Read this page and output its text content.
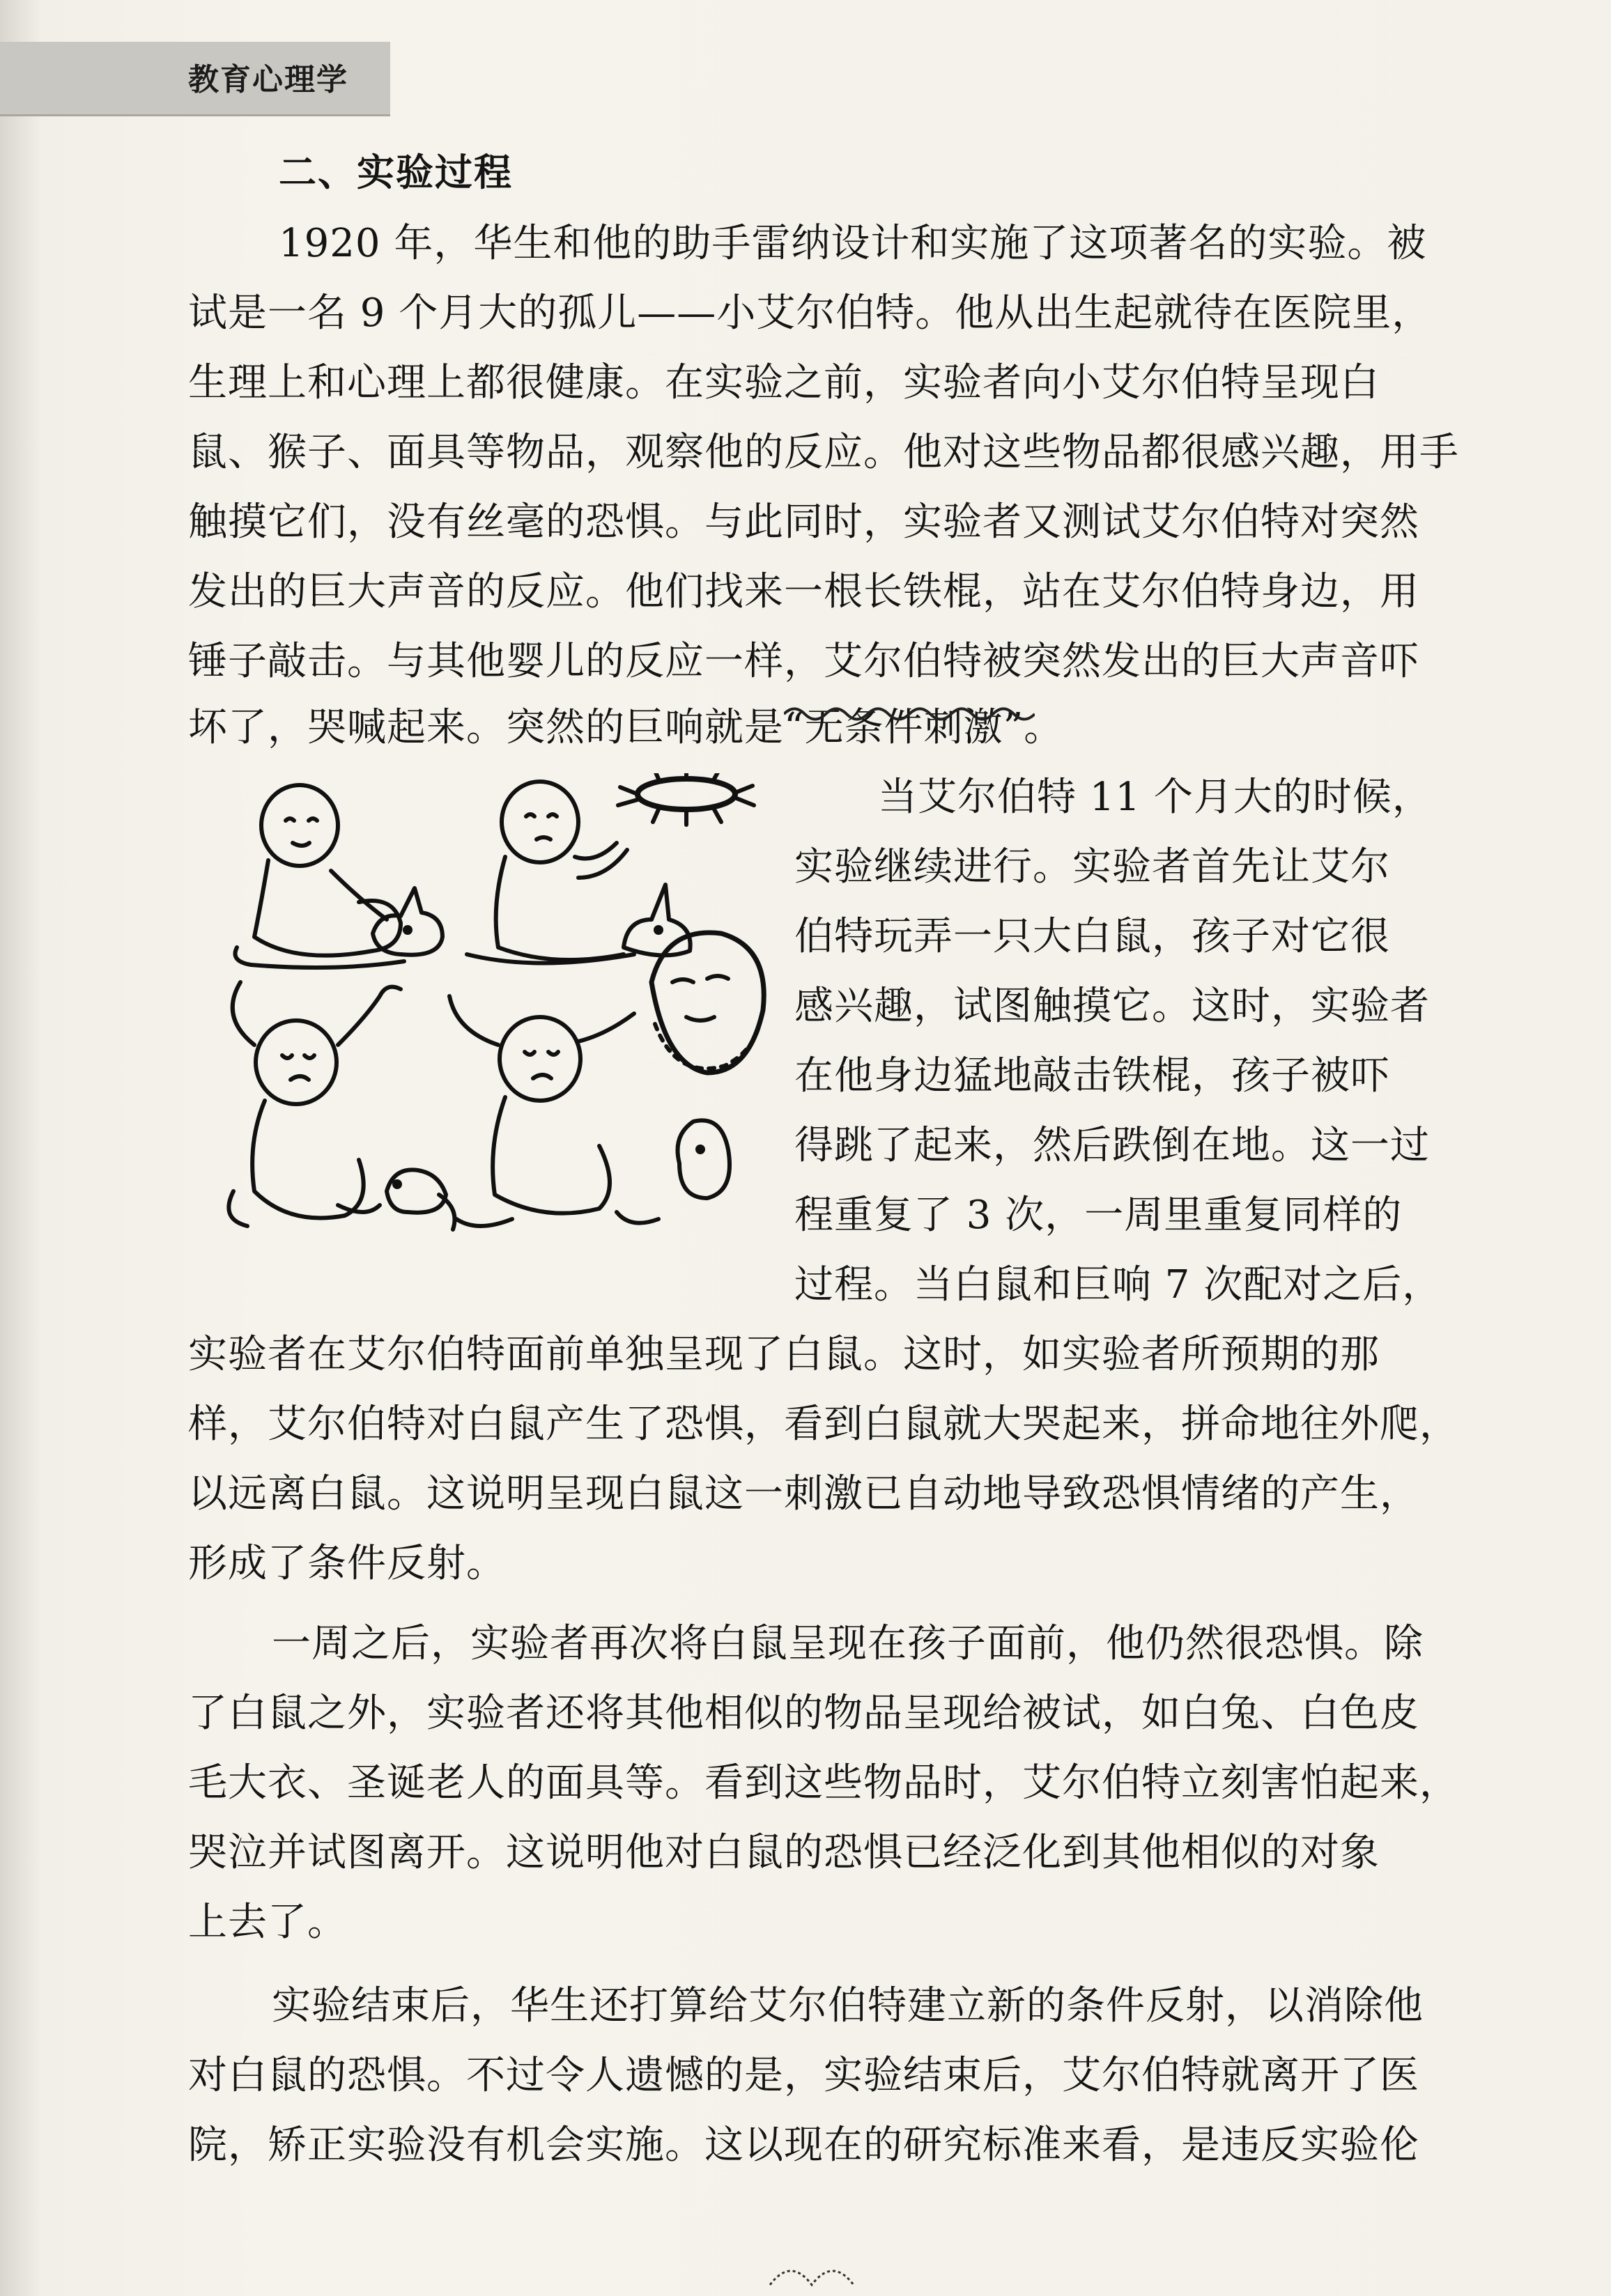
教育心理学
二、实验过程
1920 年，华生和他的助手雷纳设计和实施了这项著名的实验。被
试是一名 9 个月大的孤儿——小艾尔伯特。他从出生起就待在医院里，
生理上和心理上都很健康。在实验之前，实验者向小艾尔伯特呈现白
鼠、猴子、面具等物品，观察他的反应。他对这些物品都很感兴趣，用手
触摸它们，没有丝毫的恐惧。与此同时，实验者又测试艾尔伯特对突然
发出的巨大声音的反应。他们找来一根长铁棍，站在艾尔伯特身边，用
锤子敲击。与其他婴儿的反应一样，艾尔伯特被突然发出的巨大声音吓
坏了，哭喊起来。突然的巨响就是“无条件刺激”。
当艾尔伯特 11 个月大的时候，
实验继续进行。实验者首先让艾尔
伯特玩弄一只大白鼠，孩子对它很
感兴趣，试图触摸它。这时，实验者
在他身边猛地敲击铁棍，孩子被吓
得跳了起来，然后跌倒在地。这一过
程重复了 3 次，一周里重复同样的
过程。当白鼠和巨响 7 次配对之后，
实验者在艾尔伯特面前单独呈现了白鼠。这时，如实验者所预期的那
样，艾尔伯特对白鼠产生了恐惧，看到白鼠就大哭起来，拼命地往外爬，
以远离白鼠。这说明呈现白鼠这一刺激已自动地导致恐惧情绪的产生，
形成了条件反射。
一周之后，实验者再次将白鼠呈现在孩子面前，他仍然很恐惧。除
了白鼠之外，实验者还将其他相似的物品呈现给被试，如白兔、白色皮
毛大衣、圣诞老人的面具等。看到这些物品时，艾尔伯特立刻害怕起来，
哭泣并试图离开。这说明他对白鼠的恐惧已经泛化到其他相似的对象
上去了。
实验结束后，华生还打算给艾尔伯特建立新的条件反射，以消除他
对白鼠的恐惧。不过令人遗憾的是，实验结束后，艾尔伯特就离开了医
院，矫正实验没有机会实施。这以现在的研究标准来看，是违反实验伦
